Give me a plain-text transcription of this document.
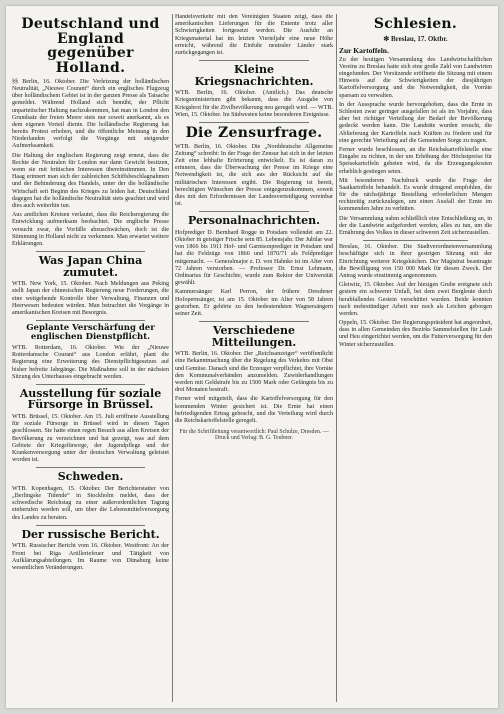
Deutschland und England gegenüber Holland.

§§ Berlin, 16. Oktober. Die Verletzung der holländischen Neutralität, „Nieuwe Courant“ durch ein englisches Flugzeug über holländischem Gebiet ist in der ganzen Presse als Tatsache gemeldet. Während Holland sich bemüht, der Pflicht unparteiischer Haltung nachzukommen, hat man in London den Grundsatz der freien Meere stets nur soweit anerkannt, als es dem eigenen Vorteil diente. Die holländische Regierung hat bereits Protest erhoben, und die öffentliche Meinung in den Niederlanden verfolgt die Vorgänge mit steigender Aufmerksamkeit.

Die Haltung der englischen Regierung zeigt erneut, dass die Rechte der Neutralen für London nur dann Gewicht besitzen, wenn sie mit britischen Interessen übereinstimmen. In Den Haag erinnert man sich der zahlreichen Schiffsbeschlagnahmen und der Behinderung des Handels, unter der die holländische Wirtschaft seit Beginn des Krieges zu leiden hat. Deutschland dagegen hat die holländische Neutralität stets geachtet und wird dies auch weiterhin tun.

Aus amtlichen Kreisen verlautet, dass die Reichsregierung die Entwicklung aufmerksam beobachtet. Die englische Presse versucht zwar, die Vorfälle abzuschwächen, doch ist die Stimmung in Holland nicht zu verkennen. Man erwartet weitere Erklärungen.

Was Japan China zumutet.

WTB. New York, 15. Oktober. Nach Meldungen aus Peking stellt Japan der chinesischen Regierung neue Forderungen, die eine weitgehende Kontrolle über Verwaltung, Finanzen und Heerwesen bedeuten würden. Man betrachtet die Vorgänge in amerikanischen Kreisen mit Besorgnis.

Geplante Verschärfung der englischen Dienstpflicht.

WTB. Rotterdam, 16. Oktober. Wie der „Nieuwe Rotterdamsche Courant“ aus London erfährt, plant die Regierung eine Erweiterung des Dienstpflichtgesetzes auf bisher befreite Jahrgänge. Die Maßnahme soll in der nächsten Sitzung des Unterhauses eingebracht werden.

Ausstellung für soziale Fürsorge in Brüssel.

WTB. Brüssel, 15. Oktober. Am 15. Juli eröffnete Ausstellung für soziale Fürsorge in Brüssel wird in diesen Tagen geschlossen. Sie hatte einen regen Besuch aus allen Kreisen der Bevölkerung zu verzeichnen und hat gezeigt, was auf dem Gebiete der Kriegsfürsorge, der Jugendpflege und der Krankenversorgung unter der deutschen Verwaltung geleistet worden ist.

Schweden.

WTB. Kopenhagen, 15. Oktober. Der Berichterstatter von „Berlingske Tidende“ in Stockholm meldet, dass der schwedische Reichstag zu einer außerordentlichen Tagung einberufen werden soll, um über die Lebensmittelversorgung des Landes zu beraten.

Der russische Bericht.

WTB. Russischer Bericht vom 16. Oktober. Westfront: An der Front bei Riga Artilleriefeuer und Tätigkeit von Aufklärungsabteilungen. Im Raume von Dünaburg keine wesentlichen Veränderungen.

Handelsverkehr mit den Vereinigten Staaten zeigt, dass die amerikanischen Lieferungen für die Entente trotz aller Schwierigkeiten fortgesetzt werden. Die Ausfuhr an Kriegsmaterial hat im letzten Vierteljahr eine neue Höhe erreicht, während die Einfuhr neutraler Länder stark zurückgegangen ist.

Kleine Kriegsnachrichten.

WTB. Berlin, 16. Oktober. (Amtlich.) Das deutsche Kriegsministerium gibt bekannt, dass die Ausgabe von Kriegsbrot für die Zivilbevölkerung neu geregelt wird. — WTB. Wien, 15. Oktober. Im Südwesten keine besonderen Ereignisse.

Die Zensurfrage.

WTB. Berlin, 16. Oktober. Die „Norddeutsche Allgemeine Zeitung“ schreibt: In der Frage der Zensur hat sich in der letzten Zeit eine lebhafte Erörterung entwickelt. Es ist daran zu erinnern, dass die Überwachung der Presse im Kriege eine Notwendigkeit ist, die sich aus der Rücksicht auf die militärischen Interessen ergibt. Die Regierung ist bereit, berechtigten Wünschen der Presse entgegenzukommen, soweit dies mit den Erfordernissen der Landesverteidigung vereinbar ist.

Personalnachrichten.

Hofprediger D. Bernhard Rogge in Potsdam vollendet am 22. Oktober in geistiger Frische sein 85. Lebensjahr. Der Jubilar war von 1866 bis 1911 Hof- und Garnisonprediger in Potsdam und hat die Feldzüge von 1866 und 1870/71 als Feldprediger mitgemacht. — Generalmajor z. D. von Hahnke ist im Alter von 72 Jahren verstorben. — Professor Dr. Ernst Lehmann, Ordinarius für Geschichte, wurde zum Rektor der Universität gewählt.

Kammersänger Karl Perron, der frühere Dresdener Hofopernsänger, ist am 15. Oktober im Alter von 58 Jahren gestorben. Er gehörte zu den bedeutendsten Wagnersängern seiner Zeit.

Verschiedene Mitteilungen.

WTB. Berlin, 16. Oktober. Der „Reichsanzeiger“ veröffentlicht eine Bekanntmachung über die Regelung des Verkehrs mit Obst und Gemüse. Danach sind die Erzeuger verpflichtet, ihre Vorräte den Kommunalverbänden anzumelden. Zuwiderhandlungen werden mit Geldstrafe bis zu 1500 Mark oder Gefängnis bis zu drei Monaten bestraft.

Ferner wird mitgeteilt, dass die Kartoffelversorgung für den kommenden Winter gesichert ist. Die Ernte hat einen befriedigenden Ertrag gebracht, und die Verteilung wird durch die Reichskartoffelstelle geregelt.

Für die Schriftleitung verantwortlich: Paul Schulze, Dresden. — Druck und Verlag: B. G. Teubner.
Schlesien.
✻ Breslau, 17. Oktbr.
Zur Kartoffeln.

Zu der heutigen Versammlung des Landwirtschaftlichen Vereins zu Breslau hatte sich eine große Zahl von Landwirten eingefunden. Der Vorsitzende eröffnete die Sitzung mit einem Hinweis auf die Schwierigkeiten der diesjährigen Kartoffelversorgung und die Notwendigkeit, die Vorräte sparsam zu verwalten.

In der Aussprache wurde hervorgehoben, dass die Ernte in Schlesien zwar geringer ausgefallen ist als im Vorjahre, dass aber bei richtiger Verteilung der Bedarf der Bevölkerung gedeckt werden kann. Die Landräte wurden ersucht, die Ablieferung der Kartoffeln nach Kräften zu fördern und für eine gerechte Verteilung auf die Gemeinden Sorge zu tragen.

Ferner wurde beschlossen, an die Reichskartoffelstelle eine Eingabe zu richten, in der um Erhöhung der Höchstpreise für Speisekartoffeln gebeten wird, da die Erzeugungskosten erheblich gestiegen seien.

Mit besonderem Nachdruck wurde die Frage der Saatkartoffeln behandelt. Es wurde dringend empfohlen, die für die nächstjährige Bestellung erforderlichen Mengen rechtzeitig zurückzulegen, um einen Ausfall der Ernte im kommenden Jahre zu verhüten.

Die Versammlung nahm schließlich eine Entschließung an, in der die Landwirte aufgefordert werden, alles zu tun, um die Ernährung des Volkes in dieser schweren Zeit sicherzustellen.

Breslau, 16. Oktober. Die Stadtverordnetenversammlung beschäftigte sich in ihrer gestrigen Sitzung mit der Einrichtung weiterer Kriegsküchen. Der Magistrat beantragte die Bewilligung von 150 000 Mark für diesen Zweck. Der Antrag wurde einstimmig angenommen.

Gleiwitz, 15. Oktober. Auf der hiesigen Grube ereignete sich gestern ein schwerer Unfall, bei dem zwei Bergleute durch herabfallendes Gestein verschüttet wurden. Beide konnten nach mehrstündiger Arbeit nur noch als Leichen geborgen werden.

Oppeln, 15. Oktober. Der Regierungspräsident hat angeordnet, dass in allen Gemeinden des Bezirks Sammelstellen für Laub und Heu eingerichtet werden, um die Futterversorgung für den Winter sicherzustellen.
